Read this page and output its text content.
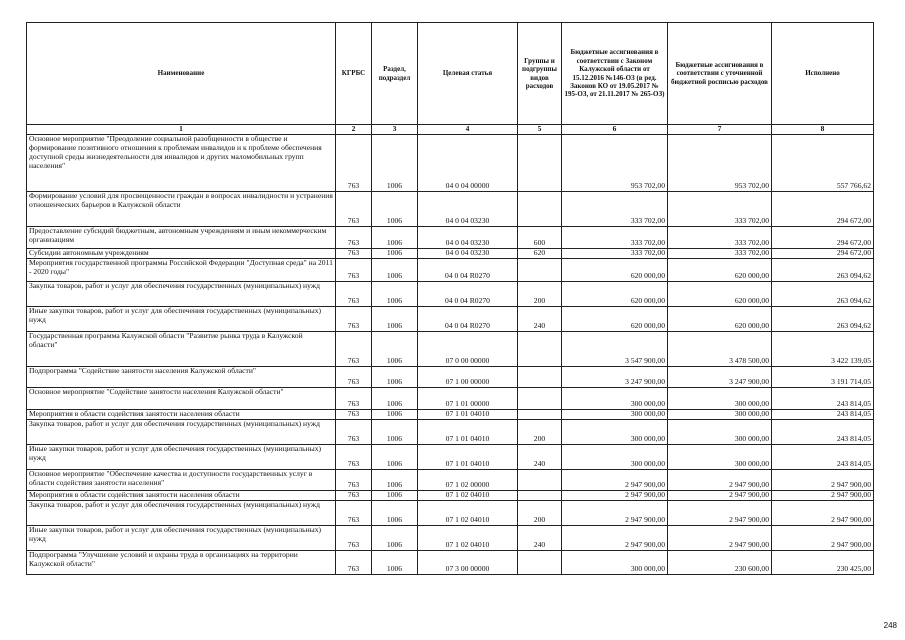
Наименование	КГРБС	Раздел, подраздел	Целевая статья	Группы и подгруппы видов расходов	Бюджетные ассигнования в соответствии с Законом Калужской области от 15.12.2016 №146-ОЗ (в ред. Законов КО от 19.05.2017 № 195-ОЗ, от 21.11.2017 № 265-ОЗ)	Бюджетные ассигнования в соответствии с уточненной бюджетной росписью расходов	Исполнено
1	2	3	4	5	6	7	8
Основное мероприятие "Преодоление социальной разобщенности в обществе и формирование позитивного отношения к проблемам инвалидов и к проблеме обеспечения доступной среды жизнедеятельности для инвалидов и других маломобильных групп населения"	763	1006	04 0 04 00000		953 702,00	953 702,00	557 766,62
Формирование условий для просвещенности граждан в вопросах инвалидности и устранения отношенческих барьеров в Калужской области	763	1006	04 0 04 03230		333 702,00	333 702,00	294 672,00
Предоставление субсидий бюджетным, автономным учреждениям и иным некоммерческим организациям	763	1006	04 0 04 03230	600	333 702,00	333 702,00	294 672,00
Субсидии автономным учреждениям	763	1006	04 0 04 03230	620	333 702,00	333 702,00	294 672,00
Мероприятия государственной программы Российской Федерации "Доступная среда" на 2011 - 2020 годы"	763	1006	04 0 04 R0270		620 000,00	620 000,00	263 094,62
Закупка товаров, работ и услуг для обеспечения государственных (муниципальных) нужд	763	1006	04 0 04 R0270	200	620 000,00	620 000,00	263 094,62
Иные закупки товаров, работ и услуг для обеспечения государственных (муниципальных) нужд	763	1006	04 0 04 R0270	240	620 000,00	620 000,00	263 094,62
Государственная программа Калужской области "Развитие рынка труда в Калужской области"	763	1006	07 0 00 00000		3 547 900,00	3 478 500,00	3 422 139,05
Подпрограмма "Содействие занятости населения Калужской области"	763	1006	07 1 00 00000		3 247 900,00	3 247 900,00	3 191 714,05
Основное мероприятие "Содействие занятости населения Калужской области"	763	1006	07 1 01 00000		300 000,00	300 000,00	243 814,05
Мероприятия в области содействия занятости населения области	763	1006	07 1 01 04010		300 000,00	300 000,00	243 814,05
Закупка товаров, работ и услуг для обеспечения государственных (муниципальных) нужд	763	1006	07 1 01 04010	200	300 000,00	300 000,00	243 814,05
Иные закупки товаров, работ и услуг для обеспечения государственных (муниципальных) нужд	763	1006	07 1 01 04010	240	300 000,00	300 000,00	243 814,05
Основное мероприятие "Обеспечение качества и доступности государственных услуг в области содействия занятости населения"	763	1006	07 1 02 00000		2 947 900,00	2 947 900,00	2 947 900,00
Мероприятия в области содействия занятости населения области	763	1006	07 1 02 04010		2 947 900,00	2 947 900,00	2 947 900,00
Закупка товаров, работ и услуг для обеспечения государственных (муниципальных) нужд	763	1006	07 1 02 04010	200	2 947 900,00	2 947 900,00	2 947 900,00
Иные закупки товаров, работ и услуг для обеспечения государственных (муниципальных) нужд	763	1006	07 1 02 04010	240	2 947 900,00	2 947 900,00	2 947 900,00
Подпрограмма "Улучшение условий и охраны труда в организациях на территории Калужской области"	763	1006	07 3 00 00000		300 000,00	230 600,00	230 425,00
248
